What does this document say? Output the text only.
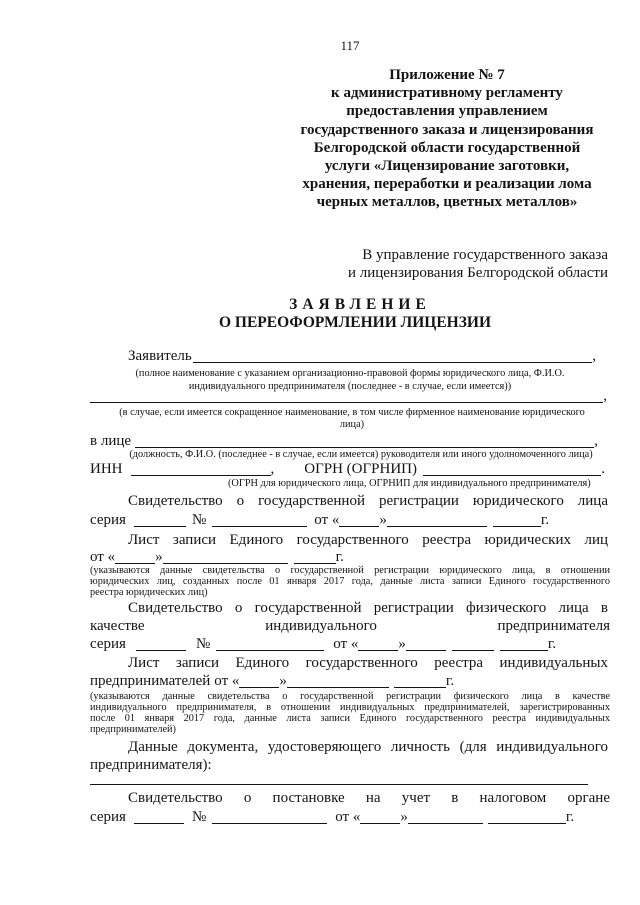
117
Приложение № 7
к административному регламенту
предоставления управлением
государственного заказа и лицензирования
Белгородской области государственной
услуги «Лицензирование заготовки,
хранения, переработки и реализации лома
черных металлов, цветных металлов»
В управление государственного заказа
и лицензирования Белгородской области
ЗАЯВЛЕНИЕ
О ПЕРЕОФОРМЛЕНИИ ЛИЦЕНЗИИ
Заявитель	,
(полное наименование с указанием организационно-правовой формы юридического лица, Ф.И.О.
индивидуального предпринимателя (последнее - в случае, если имеется))
,
(в случае, если имеется сокращенное наименование, в том числе фирменное наименование юридического
лица)
в лице	,
(должность, Ф.И.О. (последнее - в случае, если имеется) руководителя или иного удолномоченного лица)
ИНН	, ОГРН (ОГРНИП)	.
(ОГРН для юридического лица, ОГРНИП для индивидуального предпринимателя)
Свидетельство о государственной регистрации юридического лица
серия	№	от «	»	г.
Лист записи Единого государственного реестра юридических лиц
от «	»	г.
(указываются данные свидетельства о государственной регистрации юридического лица, в отношении
юридических лиц, созданных после 01 января 2017 года, данные листа записи Единого государственного
реестра юридических лиц)
Свидетельство о государственной регистрации физического лица в
качестве индивидуального предпринимателя
серия	№	от «	»	г.
Лист записи Единого государственного реестра индивидуальных
предпринимателей от «	»	г.
(указываются данные свидетельства о государственной регистрации физического лица в качестве
индивидуального предпринимателя, в отношении индивидуальных предпринимателей, зарегистрированных
после 01 января 2017 года, данные листа записи Единого государственного реестра индивидуальных
предпринимателей)
Данные документа, удостоверяющего личность (для индивидуального
предпринимателя):
Свидетельство о постановке на учет в налоговом органе
серия	№	от «	»	г.
